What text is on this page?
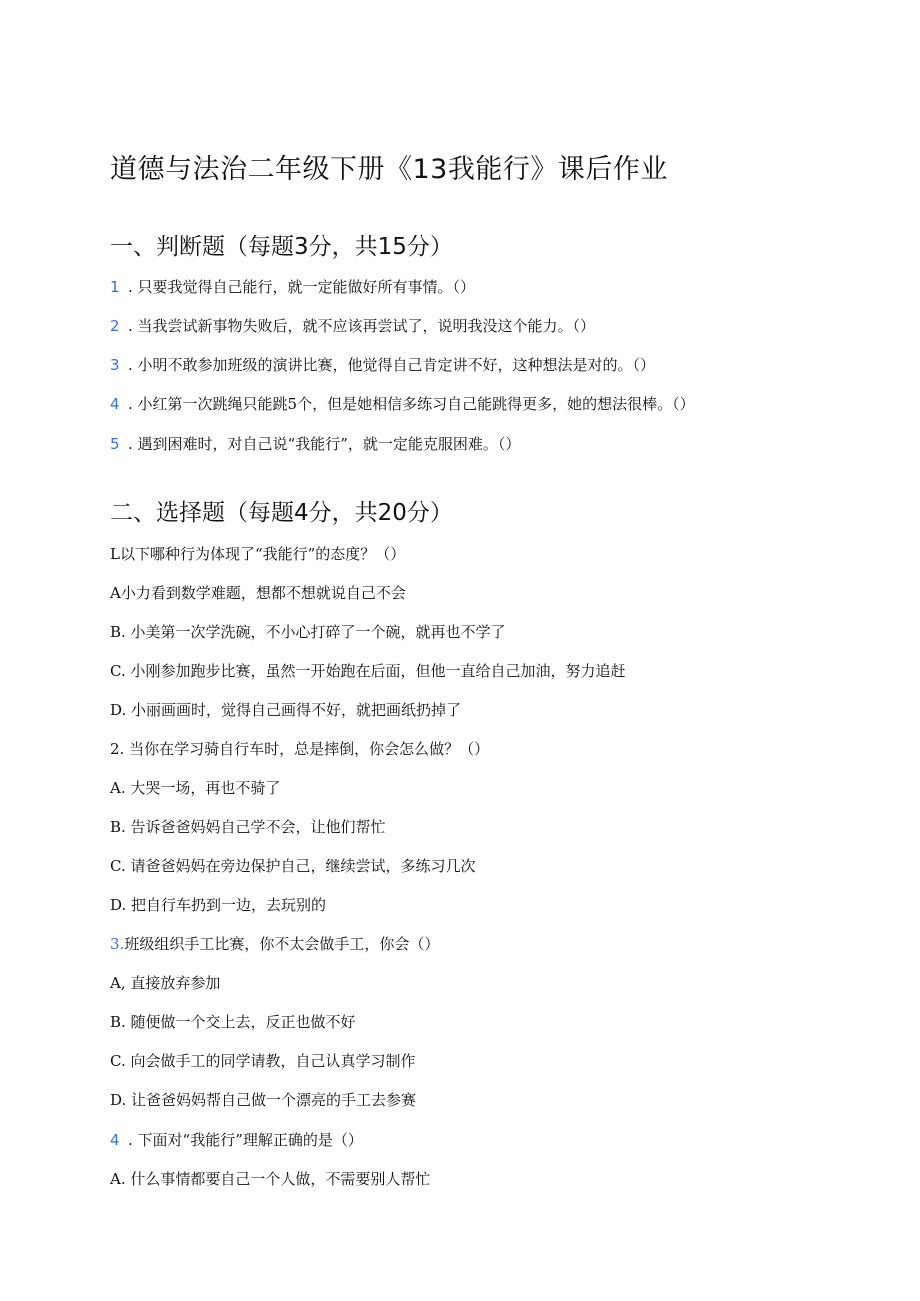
道德与法治二年级下册《13我能行》课后作业
一、判断题（每题3分，共15分）
1 . 只要我觉得自己能行，就一定能做好所有事情。（）
2 . 当我尝试新事物失败后，就不应该再尝试了，说明我没这个能力。（）
3 . 小明不敢参加班级的演讲比赛，他觉得自己肯定讲不好，这种想法是对的。（）
4 . 小红第一次跳绳只能跳5个，但是她相信多练习自己能跳得更多，她的想法很棒。（）
5 . 遇到困难时，对自己说“我能行”，就一定能克服困难。（）
二、选择题（每题4分，共20分）
L以下哪种行为体现了“我能行”的态度？（）
A小力看到数学难题，想都不想就说自己不会
B. 小美第一次学洗碗，不小心打碎了一个碗，就再也不学了
C. 小刚参加跑步比赛，虽然一开始跑在后面，但他一直给自己加油，努力追赶
D. 小丽画画时，觉得自己画得不好，就把画纸扔掉了
2. 当你在学习骑自行车时，总是摔倒，你会怎么做？（）
A. 大哭一场，再也不骑了
B. 告诉爸爸妈妈自己学不会，让他们帮忙
C. 请爸爸妈妈在旁边保护自己，继续尝试，多练习几次
D. 把自行车扔到一边，去玩别的
3.班级组织手工比赛，你不太会做手工，你会（）
A, 直接放弃参加
B. 随便做一个交上去，反正也做不好
C. 向会做手工的同学请教，自己认真学习制作
D. 让爸爸妈妈帮自己做一个漂亮的手工去参赛
4 . 下面对“我能行”理解正确的是（）
A. 什么事情都要自己一个人做，不需要别人帮忙
